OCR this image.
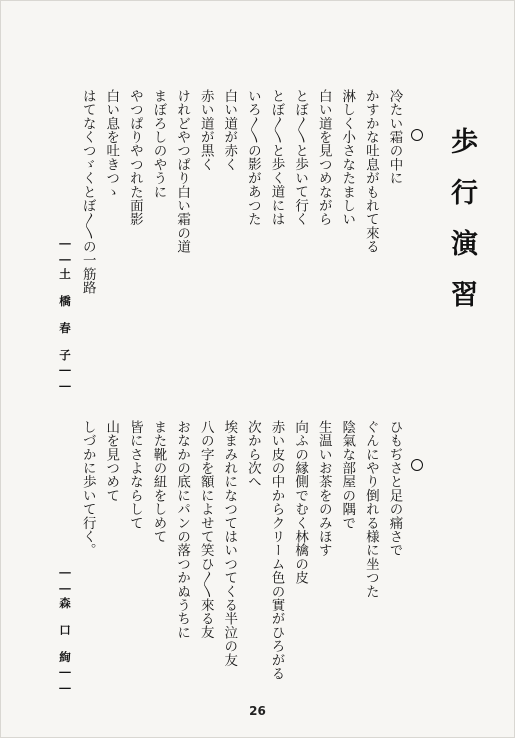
歩行演習
冷たい霜の中に
かすかな吐息がもれて來る
淋しく小さなたましい
白い道を見つめながら
とぼ〳〵と歩いて行く
とぼ〳〵と歩く道には
いろ〳〵の影があつた
白い道が赤く
赤い道が黒く
けれどやつぱり白い霜の道
まぼろしのやうに
やつぱりやつれた面影
白い息を吐きつゝ
はてなくつゞくとぼ〳〵の一筋路
――土　橋　春　子――
ひもぢさと足の痛さで
ぐんにやり倒れる様に坐つた
陰氣な部屋の隅で
生温いお茶をのみほす
向ふの縁側でむく林檎の皮
赤い皮の中からクリーム色の實がひろがる
次から次へ
埃まみれになつてはいつてくる半泣の友
八の字を額によせて笑ひ〳〵來る友
おなかの底にパンの落つかぬうちに
また靴の紐をしめて
皆にさよならして
山を見つめて
しづかに歩いて行く。
――森　口　絢――
26
